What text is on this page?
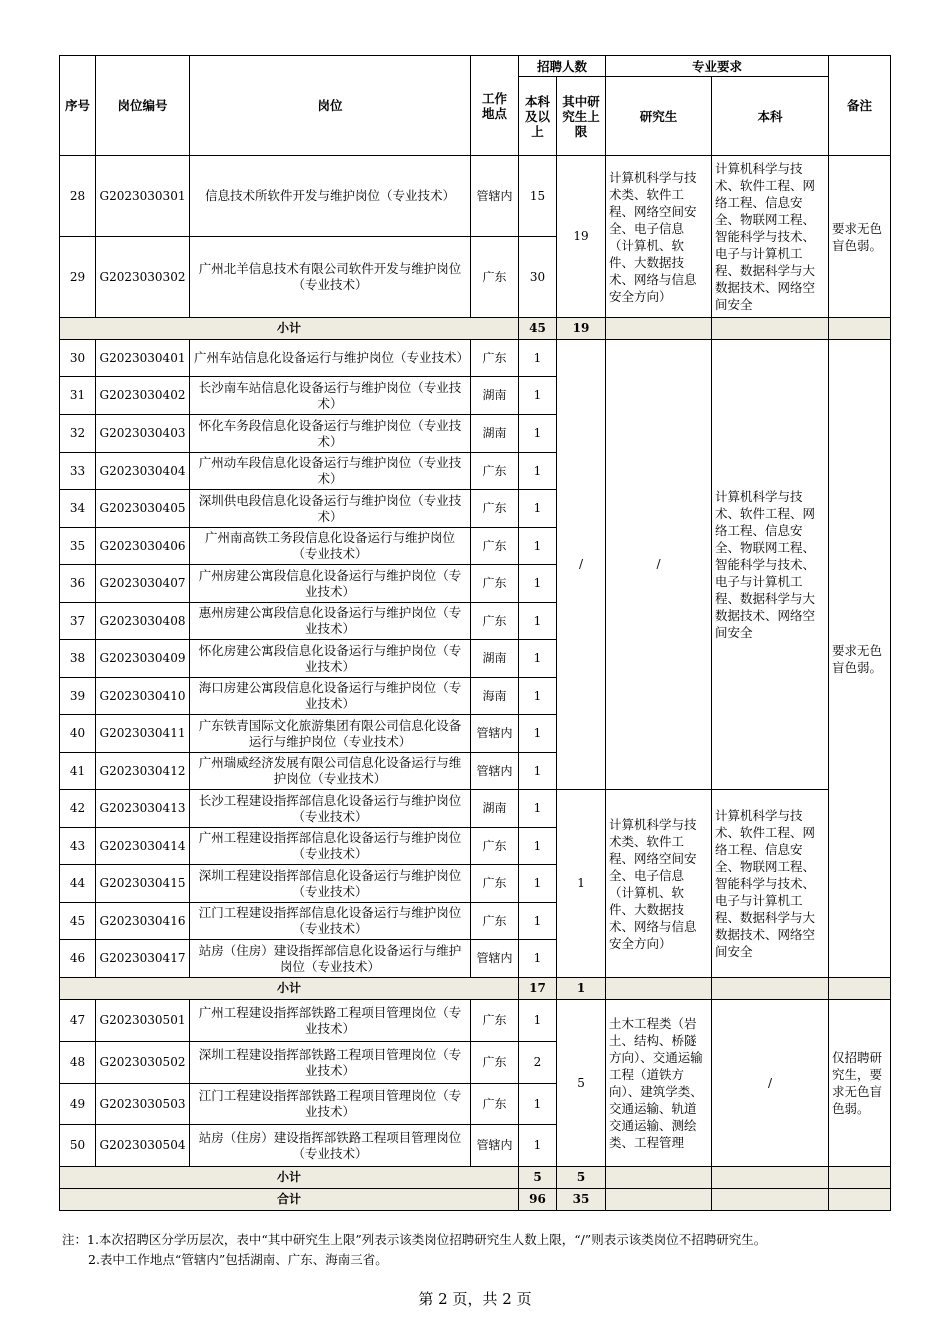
序号	岗位编号	岗位	工作地点	招聘人数		专业要求		备注
				本科及以上	其中研究生上限	研究生	本科	
28	G2023030301	信息技术所软件开发与维护岗位（专业技术）	管辖内	15	19	计算机科学与技术类、软件工程、网络空间安全、电子信息（计算机、软件、大数据技术、网络与信息安全方向）	计算机科学与技术、软件工程、网络工程、信息安全、物联网工程、智能科学与技术、电子与计算机工程、数据科学与大数据技术、网络空间安全	要求无色盲色弱。
29	G2023030302	广州北羊信息技术有限公司软件开发与维护岗位（专业技术）	广东	30				
小计				45	19			
30	G2023030401	广州车站信息化设备运行与维护岗位（专业技术）	广东	1	/	/	计算机科学与技术、软件工程、网络工程、信息安全、物联网工程、智能科学与技术、电子与计算机工程、数据科学与大数据技术、网络空间安全	要求无色盲色弱。
31	G2023030402	长沙南车站信息化设备运行与维护岗位（专业技术）	湖南	1				
32	G2023030403	怀化车务段信息化设备运行与维护岗位（专业技术）	湖南	1				
33	G2023030404	广州动车段信息化设备运行与维护岗位（专业技术）	广东	1				
34	G2023030405	深圳供电段信息化设备运行与维护岗位（专业技术）	广东	1				
35	G2023030406	广州南高铁工务段信息化设备运行与维护岗位（专业技术）	广东	1				
36	G2023030407	广州房建公寓段信息化设备运行与维护岗位（专业技术）	广东	1				
37	G2023030408	惠州房建公寓段信息化设备运行与维护岗位（专业技术）	广东	1				
38	G2023030409	怀化房建公寓段信息化设备运行与维护岗位（专业技术）	湖南	1				
39	G2023030410	海口房建公寓段信息化设备运行与维护岗位（专业技术）	海南	1				
40	G2023030411	广东铁青国际文化旅游集团有限公司信息化设备运行与维护岗位（专业技术）	管辖内	1				
41	G2023030412	广州瑞威经济发展有限公司信息化设备运行与维护岗位（专业技术）	管辖内	1				
42	G2023030413	长沙工程建设指挥部信息化设备运行与维护岗位（专业技术）	湖南	1	1	计算机科学与技术类、软件工程、网络空间安全、电子信息（计算机、软件、大数据技术、网络与信息安全方向）	计算机科学与技术、软件工程、网络工程、信息安全、物联网工程、智能科学与技术、电子与计算机工程、数据科学与大数据技术、网络空间安全	
43	G2023030414	广州工程建设指挥部信息化设备运行与维护岗位（专业技术）	广东	1				
44	G2023030415	深圳工程建设指挥部信息化设备运行与维护岗位（专业技术）	广东	1				
45	G2023030416	江门工程建设指挥部信息化设备运行与维护岗位（专业技术）	广东	1				
46	G2023030417	站房（住房）建设指挥部信息化设备运行与维护岗位（专业技术）	管辖内	1				
小计				17	1			
47	G2023030501	广州工程建设指挥部铁路工程项目管理岗位（专业技术）	广东	1	5	土木工程类（岩土、结构、桥隧方向）、交通运输工程（道铁方向）、建筑学类、交通运输、轨道交通运输、测绘类、工程管理	/	仅招聘研究生，要求无色盲色弱。
48	G2023030502	深圳工程建设指挥部铁路工程项目管理岗位（专业技术）	广东	2				
49	G2023030503	江门工程建设指挥部铁路工程项目管理岗位（专业技术）	广东	1				
50	G2023030504	站房（住房）建设指挥部铁路工程项目管理岗位（专业技术）	管辖内	1				
小计				5	5			
合计				96	35			
注：1.本次招聘区分学历层次，表中“其中研究生上限”列表示该类岗位招聘研究生人数上限，“/”则表示该类岗位不招聘研究生。
2.表中工作地点“管辖内”包括湖南、广东、海南三省。
第 2 页，共 2 页
